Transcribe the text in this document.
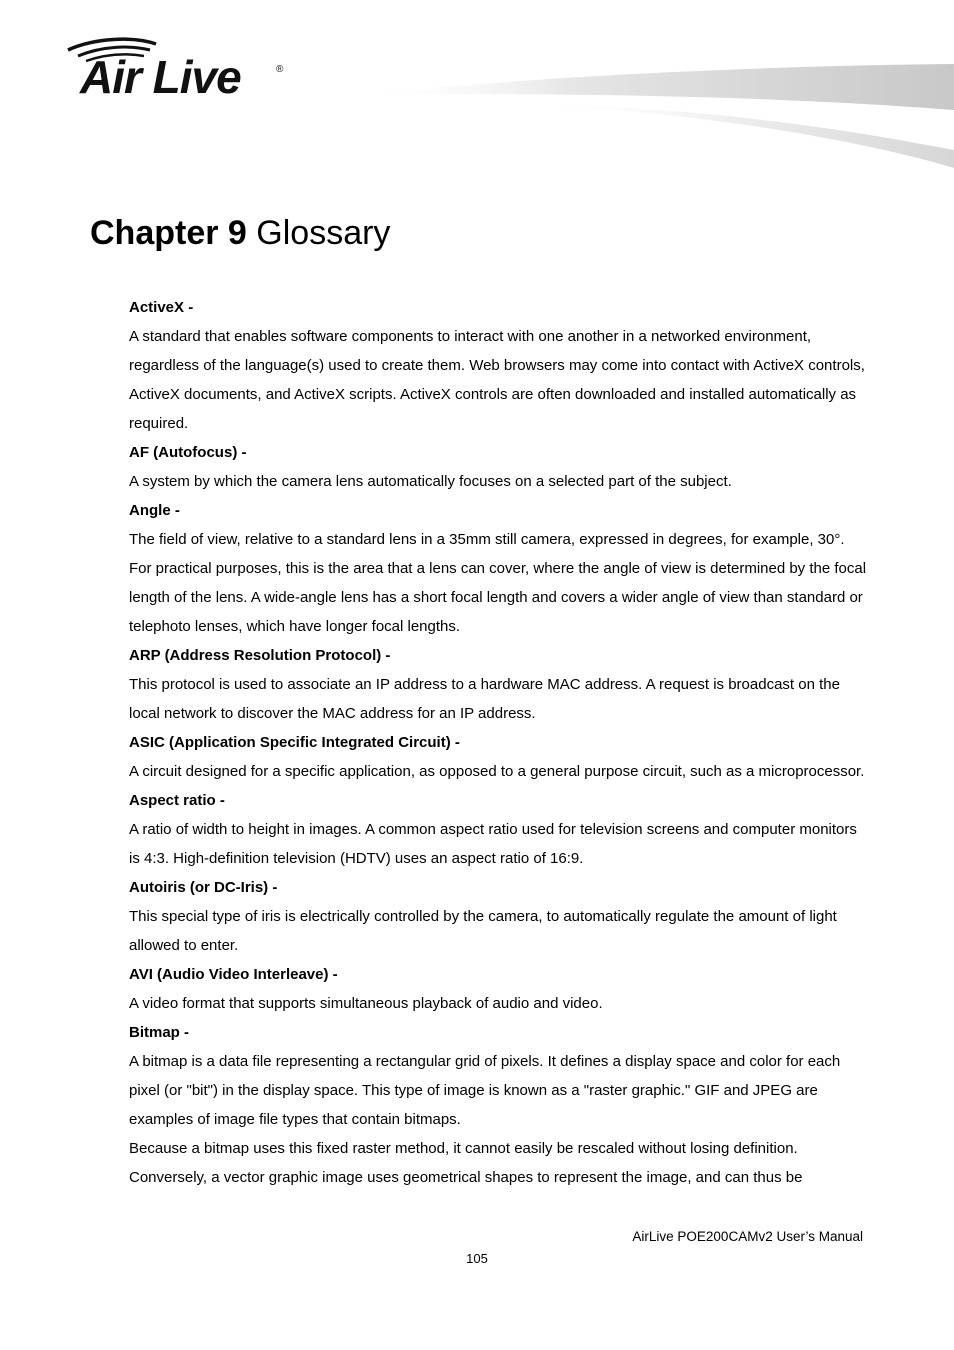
Air Live	®
Chapter 9 Glossary
ActiveX -
A standard that enables software components to interact with one another in a networked environment, regardless of the language(s) used to create them. Web browsers may come into contact with ActiveX controls, ActiveX documents, and ActiveX scripts. ActiveX controls are often downloaded and installed automatically as required.
AF (Autofocus) -
A system by which the camera lens automatically focuses on a selected part of the subject.
Angle -
The field of view, relative to a standard lens in a 35mm still camera, expressed in degrees, for example, 30°. For practical purposes, this is the area that a lens can cover, where the angle of view is determined by the focal length of the lens. A wide-angle lens has a short focal length and covers a wider angle of view than standard or telephoto lenses, which have longer focal lengths.
ARP (Address Resolution Protocol) -
This protocol is used to associate an IP address to a hardware MAC address. A request is broadcast on the local network to discover the MAC address for an IP address.
ASIC (Application Specific Integrated Circuit) -
A circuit designed for a specific application, as opposed to a general purpose circuit, such as a microprocessor.
Aspect ratio -
A ratio of width to height in images. A common aspect ratio used for television screens and computer monitors is 4:3. High-definition television (HDTV) uses an aspect ratio of 16:9.
Autoiris (or DC-Iris) -
This special type of iris is electrically controlled by the camera, to automatically regulate the amount of light allowed to enter.
AVI (Audio Video Interleave) -
A video format that supports simultaneous playback of audio and video.
Bitmap -
A bitmap is a data file representing a rectangular grid of pixels. It defines a display space and color for each pixel (or "bit") in the display space. This type of image is known as a "raster graphic." GIF and JPEG are examples of image file types that contain bitmaps.
Because a bitmap uses this fixed raster method, it cannot easily be rescaled without losing definition. Conversely, a vector graphic image uses geometrical shapes to represent the image, and can thus be
AirLive POE200CAMv2 User’s Manual
105
